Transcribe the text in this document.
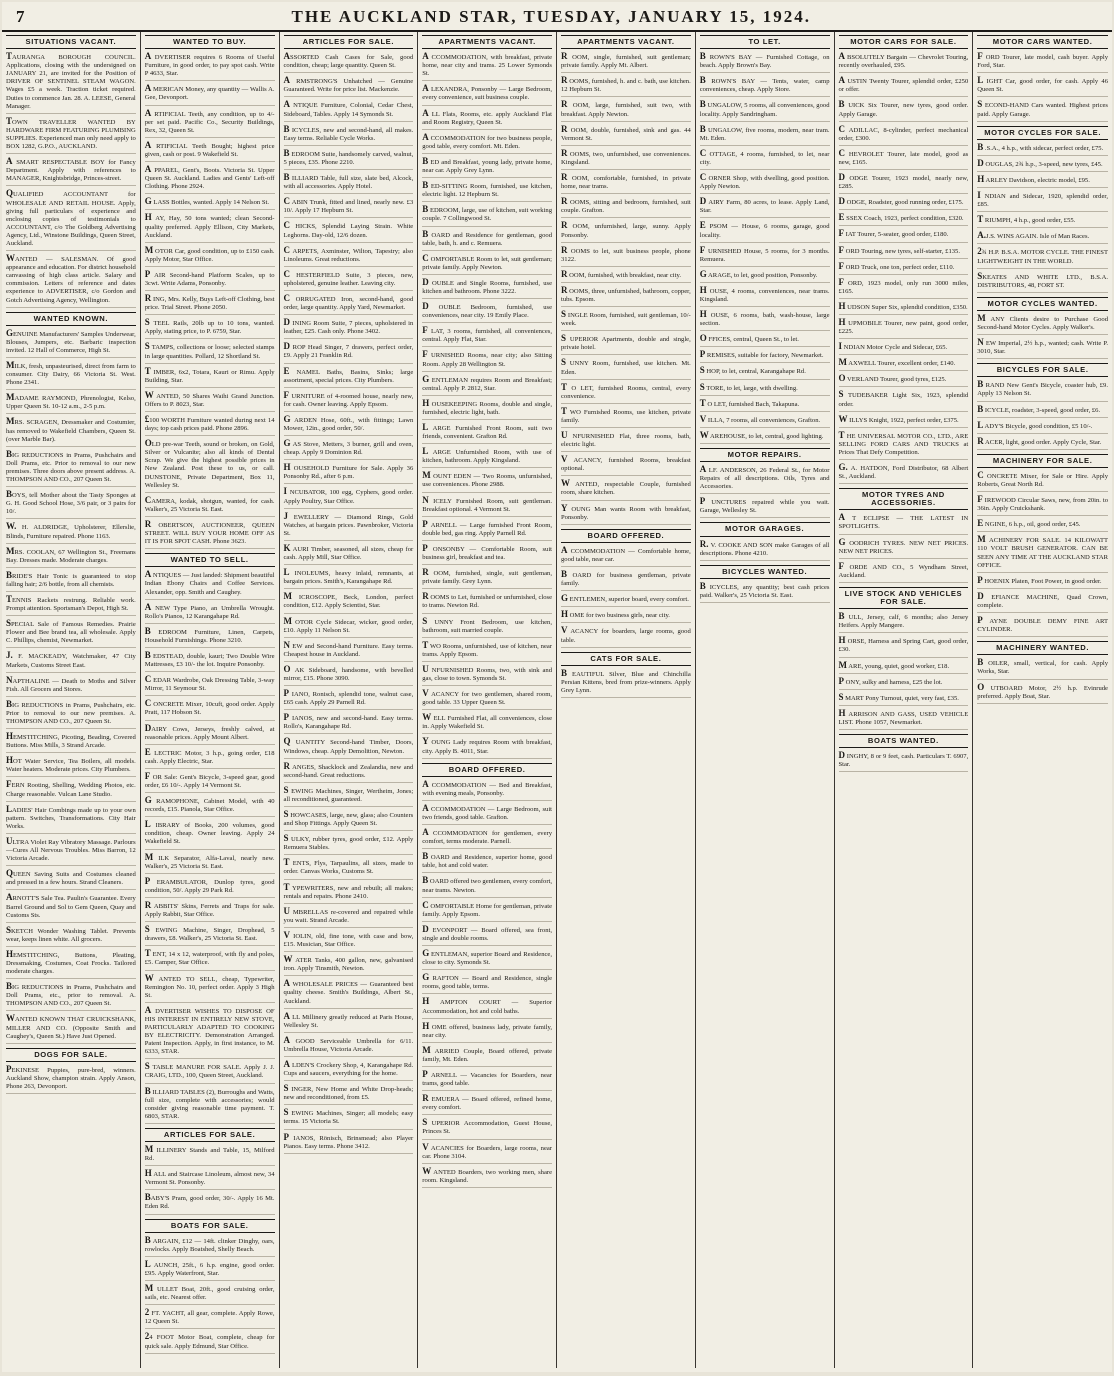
7	THE AUCKLAND STAR, TUESDAY, JANUARY 15, 1924.
SITUATIONS VACANT.
TAURANGA BOROUGH COUNCIL. Applications, closing with the undersigned on JANUARY 21, are invited for the Position of DRIVER OF SENTINEL STEAM WAGON. Wages £5 a week. Traction ticket required. Duties to commence Jan. 28. A. LEESE, General Manager.
TOWN TRAVELLER WANTED BY HARDWARE FIRM FEATURING PLUMBING SUPPLIES. Experienced man only need apply to BOX 1282, G.P.O., AUCKLAND.
A SMART RESPECTABLE BOY for Fancy Department. Apply with references to MANAGER, Knightsbridge, Princes-street.
QUALIFIED ACCOUNTANT for WHOLESALE AND RETAIL HOUSE. Apply, giving full particulars of experience and enclosing copies of testimonials to ACCOUNTANT, c/o The Goldberg Advertising Agency, Ltd., Winstone Buildings, Queen Street, Auckland.
WANTED — SALESMAN. Of good appearance and education. For district household canvassing of high class article. Salary and commission. Letters of reference and dates experience to ADVERTISER, c/o Gordon and Gotch Advertising Agency, Wellington.
WANTED KNOWN.
GENUINE Manufacturers' Samples Underwear, Blouses, Jumpers, etc. Barbaric inspection invited. 12 Hall of Commerce, High St.
MILK, fresh, unpasteurised, direct from farm to consumer. City Dairy, 66 Victoria St. West. Phone 2341.
MADAME RAYMOND, Phrenologist, Kelso, Upper Queen St. 10-12 a.m., 2-5 p.m.
MRS. SCRAGEN, Dressmaker and Costumier, has removed to Wakefield Chambers, Queen St. (over Marble Bar).
BIG REDUCTIONS in Prams, Pushchairs and Doll Prams, etc. Prior to removal to our new premises. Three doors above present address. A. THOMPSON AND CO., 207 Queen St.
BOYS, tell Mother about the Tasty Sponges at G. H. Good School Hose, 3/6 pair, or 3 pairs for 10/.
W. H. ALDRIDGE, Upholsterer, Ellerslie, Blinds, Furniture repaired. Phone 1163.
MRS. COOLAN, 67 Wellington St., Freemans Bay. Dresses made. Moderate charges.
BRIDE'S Hair Tonic is guaranteed to stop falling hair; 2/6 bottle, from all chemists.
TENNIS Rackets restrung. Reliable work. Prompt attention. Sportsman's Depot, High St.
SPECIAL Sale of Famous Remedies. Prairie Flower and Bee brand tea, all wholesale. Apply C. Phillips, chemist, Newmarket.
J. F. MACKEADY, Watchmaker, 47 City Markets, Customs Street East.
NAPTHALINE — Death to Moths and Silver Fish. All Grocers and Stores.
BIG REDUCTIONS in Prams, Pushchairs, etc. Prior to removal to our new premises. A. THOMPSON AND CO., 207 Queen St.
HEMSTITCHING, Picoting, Beading, Covered Buttons. Miss Mills, 3 Strand Arcade.
HOT Water Service, Tea Boilers, all models. Water heaters. Moderate prices. City Plumbers.
FERN Rooting, Shelling, Wedding Photos, etc. Charge reasonable. Vulcan Lane Studio.
LADIES' Hair Combings made up to your own pattern. Switches, Transformations. City Hair Works.
ULTRA Violet Ray Vibratory Massage. Parlours—Cures All Nervous Troubles. Miss Barron, 12 Victoria Arcade.
QUEEN Saving Suits and Costumes cleaned and pressed in a few hours. Strand Cleaners.
ARNOTT'S Sale Tea. Paulin's Guarantee. Every Barrel Ground and Sol to Gem Queen, Quay and Customs Sts.
SKETCH Wonder Washing Tablet. Prevents wear, keeps linen white. All grocers.
HEMSTITCHING, Buttons, Pleating, Dressmaking, Costumes, Coat Frocks. Tailored moderate charges.
BIG REDUCTIONS in Prams, Pushchairs and Doll Prams, etc., prior to removal. A. THOMPSON AND CO., 207 Queen St.
WANTED KNOWN THAT CRUICKSHANK, MILLER AND CO. (Opposite Smith and Caughey's, Queen St.) Have Just Opened.
DOGS FOR SALE.
PEKINESE Puppies, pure-bred, winners. Auckland Show, champion strain. Apply Anson, Phone 263, Devonport.
WANTED TO BUY.
A DVERTISER requires 6 Rooms of Useful Furniture, in good order, to pay spot cash. Write P 4633, Star.
A MERICAN Money, any quantity — Wallis A. Gee, Devonport.
A RTIFICIAL Teeth, any condition, up to 4/- per set paid. Pacific Co., Security Buildings, Rex, 32, Queen St.
A RTIFICIAL Teeth Bought; highest price given, cash or post. 9 Wakefield St.
A PPAREL, Gent's, Boots. Victoria St. Upper Queen St. Auckland. Ladies and Gents' Left-off Clothing. Phone 2924.
G LASS Bottles, wanted. Apply 14 Nelson St.
H AY, Hay, 50 tons wanted; clean Second-quality preferred. Apply Ellison, City Markets, Auckland.
M OTOR Car, good condition, up to £150 cash. Apply Motor, Star Office.
P AIR Second-hand Platform Scales, up to 3cwt. Write Adams, Ponsonby.
R ING, Mrs. Kelly, Buys Left-off Clothing, best price. Trial Street. Phone 2050.
S TEEL Rails, 20lb up to 10 tons, wanted. Apply, stating price, to P. 6759, Star.
S TAMPS, collections or loose; selected stamps in large quantities. Pollard, 12 Shortland St.
T IMBER, 6x2, Totara, Kauri or Rimu. Apply Building, Star.
W ANTED, 50 Shares Waihi Grand Junction. Offers to P. 8023, Star.
£100 WORTH Furniture wanted during next 14 days; top cash prices paid. Phone 2896.
OLD pre-war Teeth, sound or broken, on Gold, Silver or Vulcanite; also all kinds of Dental Scrap. We give the highest possible prices in New Zealand. Post these to us, or call. DUNSTONE, Private Department, Box 11, Wellesley St.
CAMERA, kodak, shotgun, wanted, for cash. Walker's, 25 Victoria St. East.
R OBERTSON, AUCTIONEER, QUEEN STREET. WILL BUY YOUR HOME OFF AS IT IS FOR SPOT CASH. Phone 3623.
WANTED TO SELL.
A NTIQUES — Just landed: Shipment beautiful Indian Ebony Chairs and Coffee Services. Alexander, opp. Smith and Caughey.
A NEW Type Piano, an Umbrella Wrought. Rollo's Pianos, 12 Karangahape Rd.
B EDROOM Furniture, Linen, Carpets, Household Furnishings. Phone 3210.
B EDSTEAD, double, kauri; Two Double Wire Mattresses, £3 10/- the lot. Inquire Ponsonby.
C EDAR Wardrobe, Oak Dressing Table, 3-way Mirror, 11 Seymour St.
C ONCRETE Mixer, 10cuft, good order. Apply Pratt, 117 Hobson St.
DAIRY Cows, Jerseys, freshly calved, at reasonable prices. Apply Mount Albert.
E LECTRIC Motor, 3 h.p., going order, £18 cash. Apply Electric, Star.
F OR Sale: Gent's Bicycle, 3-speed gear, good order, £6 10/-. Apply 14 Vermont St.
G RAMOPHONE, Cabinet Model, with 40 records, £15. Pianola, Star Office.
L IBRARY of Books, 200 volumes, good condition, cheap. Owner leaving. Apply 24 Wakefield St.
M ILK Separator, Alfa-Laval, nearly new. Walker's, 25 Victoria St. East.
P ERAMBULATOR, Dunlop tyres, good condition, 50/. Apply 29 Park Rd.
R ABBITS' Skins, Ferrets and Traps for sale. Apply Rabbit, Star Office.
S EWING Machine, Singer, Drophead, 5 drawers, £8. Walker's, 25 Victoria St. East.
T ENT, 14 x 12, waterproof, with fly and poles, £5. Camper, Star Office.
W ANTED TO SELL, cheap, Typewriter, Remington No. 10, perfect order. Apply 3 High St.
A DVERTISER WISHES TO DISPOSE OF HIS INTEREST IN ENTIRELY NEW STOVE, PARTICULARLY ADAPTED TO COOKING BY ELECTRICITY. Demonstration Arranged. Patent Inspection. Apply, in first instance, to M. 6333, STAR.
S TABLE MANURE FOR SALE. Apply J. J. CRAIG, LTD., 100, Queen Street, Auckland.
B ILLIARD TABLES (2), Burroughs and Watts, full size, complete with accessories; would consider giving reasonable time payment. T. 6803, STAR.
ARTICLES FOR SALE.
M ILLINERY Stands and Table, 15, Milford Rd.
H ALL and Staircase Linoleum, almost new, 34 Vermont St. Ponsonby.
BABY'S Pram, good order, 30/-. Apply 16 Mt. Eden Rd.
BOATS FOR SALE.
B ARGAIN, £12 — 14ft. clinker Dinghy, oars, rowlocks. Apply Boatshed, Shelly Beach.
L AUNCH, 25ft., 6 h.p. engine, good order. £95. Apply Waterfront, Star.
M ULLET Boat, 20ft., good cruising order, sails, etc. Nearest offer.
2 FT. YACHT, all gear, complete. Apply Rowe, 12 Queen St.
24 FOOT Motor Boat, complete, cheap for quick sale. Apply Edmund, Star Office.
ARTICLES FOR SALE.
ASSORTED Cash Cases for Sale, good condition, cheap; large quantity. Queen St.
A RMSTRONG'S Unhatched — Genuine Guaranteed. Write for price list. Mackenzie.
A NTIQUE Furniture, Colonial, Cedar Chest, Sideboard, Tables. Apply 14 Symonds St.
B ICYCLES, new and second-hand, all makes. Easy terms. Reliable Cycle Works.
B EDROOM Suite, handsomely carved, walnut, 5 pieces, £35. Phone 2210.
B ILLIARD Table, full size, slate bed, Alcock, with all accessories. Apply Hotel.
C ABIN Trunk, fitted and lined, nearly new. £3 10/. Apply 17 Hepburn St.
C HICKS, Splendid Laying Strain. White Leghorns. Day-old, 12/6 dozen.
C ARPETS, Axminster, Wilton, Tapestry; also Linoleums. Great reductions.
C HESTERFIELD Suite, 3 pieces, new, upholstered, genuine leather. Leaving city.
C ORRUGATED Iron, second-hand, good order, large quantity. Apply Yard, Newmarket.
D INING Room Suite, 7 pieces, upholstered in leather, £25. Cash only. Phone 3402.
D ROP Head Singer, 7 drawers, perfect order, £9. Apply 21 Franklin Rd.
E NAMEL Baths, Basins, Sinks; large assortment, special prices. City Plumbers.
F URNITURE of 4-roomed house, nearly new, for cash. Owner leaving. Apply Epsom.
G ARDEN Hose, 60ft., with fittings; Lawn Mower, 12in., good order, 50/.
G AS Stove, Metters, 3 burner, grill and oven, cheap. Apply 9 Dominion Rd.
H OUSEHOLD Furniture for Sale. Apply 36 Ponsonby Rd., after 6 p.m.
I NCUBATOR, 100 egg, Cyphers, good order. Apply Poultry, Star Office.
J EWELLERY — Diamond Rings, Gold Watches, at bargain prices. Pawnbroker, Victoria St.
K AURI Timber, seasoned, all sizes, cheap for cash. Apply Mill, Star Office.
L INOLEUMS, heavy inlaid, remnants, at bargain prices. Smith's, Karangahape Rd.
M ICROSCOPE, Beck, London, perfect condition, £12. Apply Scientist, Star.
M OTOR Cycle Sidecar, wicker, good order, £10. Apply 11 Nelson St.
N EW and Second-hand Furniture. Easy terms. Cheapest house in Auckland.
O AK Sideboard, handsome, with bevelled mirror, £15. Phone 3090.
P IANO, Ronisch, splendid tone, walnut case, £65 cash. Apply 29 Parnell Rd.
P IANOS, new and second-hand. Easy terms. Rollo's, Karangahape Rd.
Q UANTITY Second-hand Timber, Doors, Windows, cheap. Apply Demolition, Newton.
R ANGES, Shacklock and Zealandia, new and second-hand. Great reductions.
S EWING Machines, Singer, Wertheim, Jones; all reconditioned, guaranteed.
S HOWCASES, large, new, glass; also Counters and Shop Fittings. Apply Queen St.
S ULKY, rubber tyres, good order, £12. Apply Remuera Stables.
T ENTS, Flys, Tarpaulins, all sizes, made to order. Canvas Works, Customs St.
T YPEWRITERS, new and rebuilt; all makes; rentals and repairs. Phone 2410.
U MBRELLAS re-covered and repaired while you wait. Strand Arcade.
V IOLIN, old, fine tone, with case and bow, £15. Musician, Star Office.
W ATER Tanks, 400 gallon, new, galvanised iron. Apply Tinsmith, Newton.
A WHOLESALE PRICES — Guaranteed best quality cheese. Smith's Buildings, Albert St., Auckland.
A LL Millinery greatly reduced at Paris House, Wellesley St.
A GOOD Serviceable Umbrella for 6/11. Umbrella House, Victoria Arcade.
A LDEN'S Crockery Shop, 4, Karangahape Rd. Cups and saucers, everything for the home.
S INGER, New Home and White Drop-heads; new and reconditioned, from £5.
S EWING Machines, Singer; all models; easy terms. 15 Victoria St.
P IANOS, Rönisch, Brinsmead; also Player Pianos. Easy terms. Phone 3412.
APARTMENTS VACANT.
A CCOMMODATION, with breakfast, private home, near city and trams. 25 Lower Symonds St.
A LEXANDRA, Ponsonby — Large Bedroom, every convenience, suit business couple.
A LL Flats, Rooms, etc. apply Auckland Flat and Room Registry, Queen St.
A CCOMMODATION for two business people, good table, every comfort. Mt. Eden.
B ED and Breakfast, young lady, private home, near car. Apply Grey Lynn.
B ED-SITTING Room, furnished, use kitchen, electric light. 12 Hepburn St.
B EDROOM, large, use of kitchen, suit working couple. 7 Collingwood St.
B OARD and Residence for gentleman, good table, bath, h. and c. Remuera.
C OMFORTABLE Room to let, suit gentleman; private family. Apply Newton.
D OUBLE and Single Rooms, furnished, use kitchen and bathroom. Phone 3222.
D OUBLE Bedroom, furnished, use conveniences, near city. 19 Emily Place.
F LAT, 3 rooms, furnished, all conveniences, central. Apply Flat, Star.
F URNISHED Rooms, near city; also Sitting Room. Apply 28 Wellington St.
G ENTLEMAN requires Room and Breakfast; central. Apply P. 2812, Star.
H OUSEKEEPING Rooms, double and single, furnished, electric light, bath.
L ARGE Furnished Front Room, suit two friends, convenient. Grafton Rd.
L ARGE Unfurnished Room, with use of kitchen, bathroom. Apply Kingsland.
M OUNT EDEN — Two Rooms, unfurnished, use conveniences. Phone 2988.
N ICELY Furnished Room, suit gentleman. Breakfast optional. 4 Vermont St.
P ARNELL — Large furnished Front Room, double bed, gas ring. Apply Parnell Rd.
P ONSONBY — Comfortable Room, suit business girl, breakfast and tea.
R OOM, furnished, single, suit gentleman, private family. Grey Lynn.
R OOMS to Let, furnished or unfurnished, close to trams. Newton Rd.
S UNNY Front Bedroom, use kitchen, bathroom, suit married couple.
T WO Rooms, unfurnished, use of kitchen, near trams. Apply Epsom.
U NFURNISHED Rooms, two, with sink and gas, close to town. Symonds St.
V ACANCY for two gentlemen, shared room, good table. 33 Upper Queen St.
W ELL Furnished Flat, all conveniences, close in. Apply Wakefield St.
Y OUNG Lady requires Room with breakfast, city. Apply B. 4011, Star.
BOARD OFFERED.
A CCOMMODATION — Bed and Breakfast, with evening meals, Ponsonby.
A CCOMMODATION — Large Bedroom, suit two friends, good table. Grafton.
A CCOMMODATION for gentlemen, every comfort, terms moderate. Parnell.
B OARD and Residence, superior home, good table, hot and cold water.
B OARD offered two gentlemen, every comfort, near trams. Newton.
C OMFORTABLE Home for gentleman, private family. Apply Epsom.
D EVONPORT — Board offered, sea front, single and double rooms.
G ENTLEMAN, superior Board and Residence, close to city. Symonds St.
G RAFTON — Board and Residence, single rooms, good table, terms.
H AMPTON COURT — Superior Accommodation, hot and cold baths.
H OME offered, business lady, private family, near city.
M ARRIED Couple, Board offered, private family, Mt. Eden.
P ARNELL — Vacancies for Boarders, near trams, good table.
R EMUERA — Board offered, refined home, every comfort.
S UPERIOR Accommodation, Guest House, Princes St.
V ACANCIES for Boarders, large rooms, near car. Phone 3104.
W ANTED Boarders, two working men, share room. Kingsland.
APARTMENTS VACANT.
R OOM, single, furnished, suit gentleman; private family. Apply Mt. Albert.
R OOMS, furnished, h. and c. bath, use kitchen. 12 Hepburn St.
R OOM, large, furnished, suit two, with breakfast. Apply Newton.
R OOM, double, furnished, sink and gas. 44 Vermont St.
R OOMS, two, unfurnished, use conveniences. Kingsland.
R OOM, comfortable, furnished, in private home, near trams.
R OOMS, sitting and bedroom, furnished, suit couple. Grafton.
R OOM, unfurnished, large, sunny. Apply Ponsonby.
R OOMS to let, suit business people, phone 3122.
R OOM, furnished, with breakfast, near city.
R OOMS, three, unfurnished, bathroom, copper, tubs. Epsom.
S INGLE Room, furnished, suit gentleman, 10/- week.
S UPERIOR Apartments, double and single, private hotel.
S UNNY Room, furnished, use kitchen. Mt. Eden.
T O LET, furnished Rooms, central, every convenience.
T WO Furnished Rooms, use kitchen, private family.
U NFURNISHED Flat, three rooms, bath, electric light.
V ACANCY, furnished Rooms, breakfast optional.
W ANTED, respectable Couple, furnished room, share kitchen.
Y OUNG Man wants Room with breakfast, Ponsonby.
BOARD OFFERED.
A CCOMMODATION — Comfortable home, good table, near car.
B OARD for business gentleman, private family.
G ENTLEMEN, superior board, every comfort.
H OME for two business girls, near city.
V ACANCY for boarders, large rooms, good table.
CATS FOR SALE.
B EAUTIFUL Silver, Blue and Chinchilla Persian Kittens, bred from prize-winners. Apply Grey Lynn.
TO LET.
B ROWN'S BAY — Furnished Cottage, on beach. Apply Brown's Bay.
B ROWN'S BAY — Tents, water, camp conveniences, cheap. Apply Store.
B UNGALOW, 5 rooms, all conveniences, good locality. Apply Sandringham.
B UNGALOW, five rooms, modern, near tram. Mt. Eden.
C OTTAGE, 4 rooms, furnished, to let, near city.
C ORNER Shop, with dwelling, good position. Apply Newton.
D AIRY Farm, 80 acres, to lease. Apply Land, Star.
E PSOM — House, 6 rooms, garage, good locality.
F URNISHED House, 5 rooms, for 3 months. Remuera.
G ARAGE, to let, good position, Ponsonby.
H OUSE, 4 rooms, conveniences, near trams. Kingsland.
H OUSE, 6 rooms, bath, wash-house, large section.
O FFICES, central, Queen St., to let.
P REMISES, suitable for factory, Newmarket.
S HOP, to let, central, Karangahape Rd.
S TORE, to let, large, with dwelling.
T O LET, furnished Bach, Takapuna.
V ILLA, 7 rooms, all conveniences, Grafton.
W AREHOUSE, to let, central, good lighting.
MOTOR REPAIRS.
A LF. ANDERSON, 26 Federal St., for Motor Repairs of all descriptions. Oils, Tyres and Accessories.
P UNCTURES repaired while you wait. Garage, Wellesley St.
MOTOR GARAGES.
R. V. COOKE AND SON make Garages of all descriptions. Phone 4210.
BICYCLES WANTED.
B ICYCLES, any quantity; best cash prices paid. Walker's, 25 Victoria St. East.
MOTOR CARS FOR SALE.
A BSOLUTELY Bargain — Chevrolet Touring, recently overhauled, £95.
A USTIN Twenty Tourer, splendid order, £250 or offer.
B UICK Six Tourer, new tyres, good order. Apply Garage.
C ADILLAC, 8-cylinder, perfect mechanical order, £300.
C HEVROLET Tourer, late model, good as new, £165.
D ODGE Tourer, 1923 model, nearly new, £285.
D ODGE, Roadster, good running order, £175.
E SSEX Coach, 1923, perfect condition, £320.
F IAT Tourer, 5-seater, good order, £180.
F ORD Touring, new tyres, self-starter, £135.
F ORD Truck, one ton, perfect order, £110.
F ORD, 1923 model, only run 3000 miles, £165.
H UDSON Super Six, splendid condition, £350.
H UPMOBILE Tourer, new paint, good order, £225.
I NDIAN Motor Cycle and Sidecar, £65.
M AXWELL Tourer, excellent order, £140.
O VERLAND Tourer, good tyres, £125.
S TUDEBAKER Light Six, 1923, splendid order.
W ILLYS Knight, 1922, perfect order, £375.
T HE UNIVERSAL MOTOR CO., LTD., ARE SELLING FORD CARS AND TRUCKS at Prices That Defy Competition.
G. A. HATDON, Ford Distributor, 68 Albert St., Auckland.
MOTOR TYRES AND ACCESSORIES.
A T ECLIPSE — THE LATEST IN SPOTLIGHTS.
G OODRICH TYRES. NEW NET PRICES. NEW NET PRICES.
F ORDE AND CO., 5 Wyndham Street, Auckland.
LIVE STOCK AND VEHICLES FOR SALE.
B ULL, Jersey, calf, 6 months; also Jersey Heifers. Apply Mangere.
H ORSE, Harness and Spring Cart, good order, £30.
M ARE, young, quiet, good worker, £18.
P ONY, sulky and harness, £25 the lot.
S MART Pony Turnout, quiet, very fast, £35.
H ARRISON AND GASS, USED VEHICLE LIST. Phone 1057, Newmarket.
BOATS WANTED.
D INGHY, 8 or 9 feet, cash. Particulars T. 6907, Star.
MOTOR CARS WANTED.
F ORD Tourer, late model, cash buyer. Apply Ford, Star.
L IGHT Car, good order, for cash. Apply 46 Queen St.
S ECOND-HAND Cars wanted. Highest prices paid. Apply Garage.
MOTOR CYCLES FOR SALE.
B .S.A., 4 h.p., with sidecar, perfect order, £75.
D OUGLAS, 2¾ h.p., 3-speed, new tyres, £45.
H ARLEY Davidson, electric model, £95.
I NDIAN and Sidecar, 1920, splendid order, £85.
T RIUMPH, 4 h.p., good order, £55.
A.J.S. WINS AGAIN. Isle of Man Races.
2¾ H.P. B.S.A. MOTOR CYCLE. THE FINEST LIGHTWEIGHT IN THE WORLD.
SKEATES AND WHITE LTD., B.S.A. DISTRIBUTORS, 48, FORT ST.
MOTOR CYCLES WANTED.
M ANY Clients desire to Purchase Good Second-hand Motor Cycles. Apply Walker's.
N EW Imperial, 2½ h.p., wanted; cash. Write P. 3010, Star.
BICYCLES FOR SALE.
B RAND New Gent's Bicycle, coaster hub, £9. Apply 13 Nelson St.
B ICYCLE, roadster, 3-speed, good order, £6.
L ADY'S Bicycle, good condition, £5 10/-.
R ACER, light, good order. Apply Cycle, Star.
MACHINERY FOR SALE.
C ONCRETE Mixer, for Sale or Hire. Apply Roberts, Great North Rd.
F IREWOOD Circular Saws, new, from 20in. to 36in. Apply Cruickshank.
E NGINE, 6 h.p., oil, good order, £45.
M ACHINERY FOR SALE. 14 KILOWATT 110 VOLT BRUSH GENERATOR. CAN BE SEEN ANY TIME AT THE AUCKLAND STAR OFFICE.
P HOENIX Platen, Foot Power, in good order.
D EFIANCE MACHINE, Quad Crown, complete.
P AYNE DOUBLE DEMY FINE ART CYLINDER.
MACHINERY WANTED.
B OILER, small, vertical, for cash. Apply Works, Star.
O UTBOARD Motor, 2½ h.p. Evinrude preferred. Apply Boat, Star.
